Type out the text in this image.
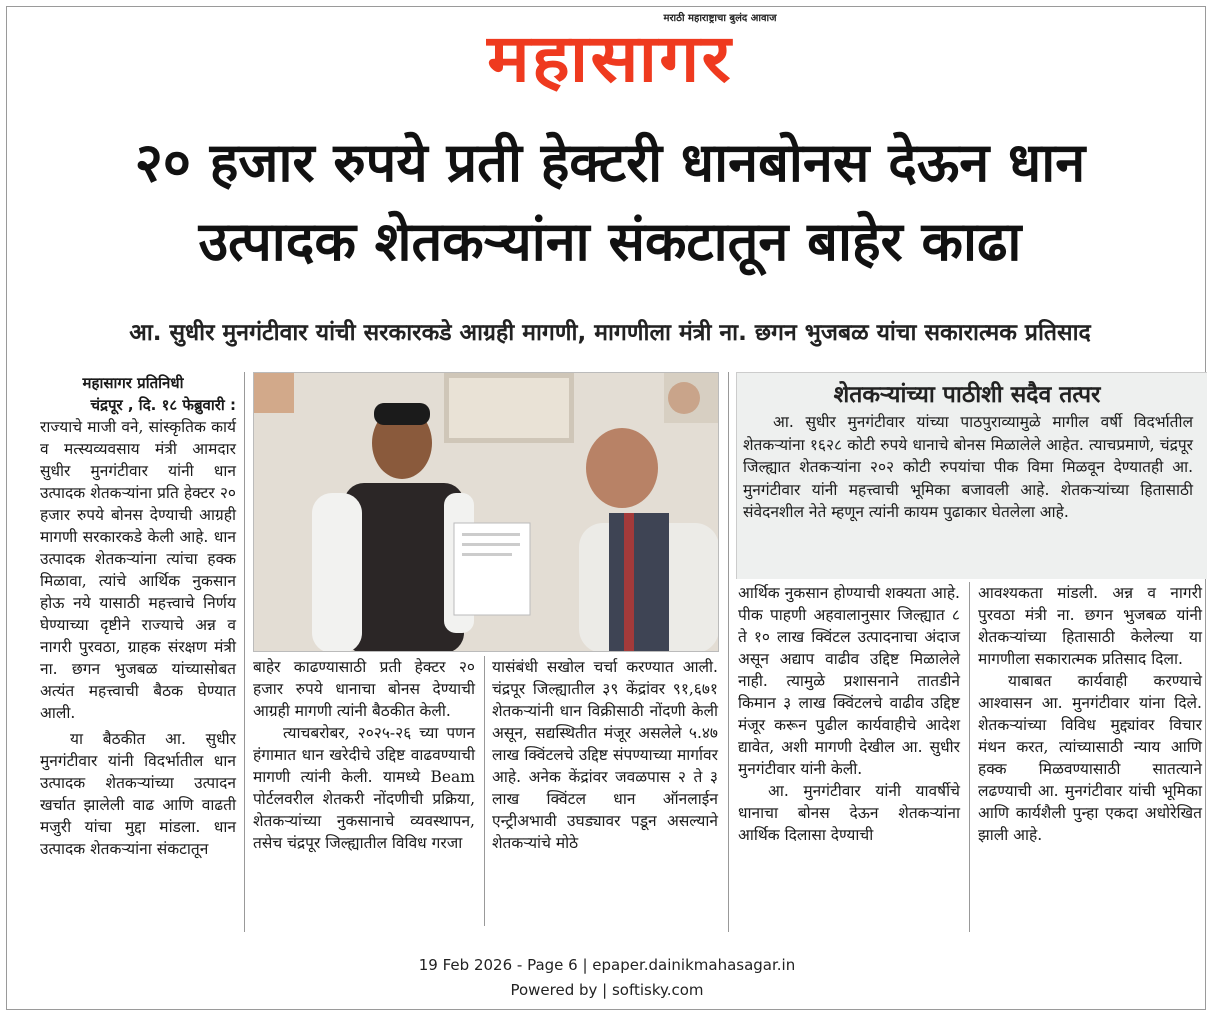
मराठी महाराष्ट्राचा बुलंद आवाज
महासागर
२० हजार रुपये प्रती हेक्टरी धानबोनस देऊन धान
उत्पादक शेतकऱ्यांना संकटातून बाहेर काढा
आ. सुधीर मुनगंटीवार यांची सरकारकडे आग्रही मागणी, मागणीला मंत्री ना. छगन भुजबळ यांचा सकारात्मक प्रतिसाद

महासागर प्रतिनिधी

चंद्रपूर , दि. १८ फेब्रुवारी :

राज्याचे माजी वने, सांस्कृतिक कार्य व मत्स्यव्यवसाय मंत्री आमदार सुधीर मुनगंटीवार यांनी धान उत्पादक शेतकऱ्यांना प्रति हेक्टर २० हजार रुपये बोनस देण्याची आग्रही मागणी सरकारकडे केली आहे. धान उत्पादक शेतकऱ्यांना त्यांचा हक्क मिळावा, त्यांचे आर्थिक नुकसान होऊ नये यासाठी महत्त्वाचे निर्णय घेण्याच्या दृष्टीने राज्याचे अन्न व नागरी पुरवठा, ग्राहक संरक्षण मंत्री ना. छगन भुजबळ यांच्यासोबत अत्यंत महत्त्वाची बैठक घेण्यात आली.

या बैठकीत आ. सुधीर मुनगंटीवार यांनी विदर्भातील धान उत्पादक शेतकऱ्यांच्या उत्पादन खर्चात झालेली वाढ आणि वाढती मजुरी यांचा मुद्दा मांडला. धान उत्पादक शेतकऱ्यांना संकटातून

बाहेर काढण्यासाठी प्रती हेक्टर २० हजार रुपये धानाचा बोनस देण्याची आग्रही मागणी त्यांनी बैठकीत केली.

त्याचबरोबर, २०२५-२६ च्या पणन हंगामात धान खरेदीचे उद्दिष्ट वाढवण्याची मागणी त्यांनी केली. यामध्ये Beam पोर्टलवरील शेतकरी नोंदणीची प्रक्रिया, शेतकऱ्यांच्या नुकसानाचे व्यवस्थापन, तसेच चंद्रपूर जिल्ह्यातील विविध गरजा

यासंबंधी सखोल चर्चा करण्यात आली. चंद्रपूर जिल्ह्यातील ३९ केंद्रांवर ९१,६७१ शेतकऱ्यांनी धान विक्रीसाठी नोंदणी केली असून, सद्यस्थितीत मंजूर असलेले ५.४७ लाख क्विंटलचे उद्दिष्ट संपण्याच्या मार्गावर आहे. अनेक केंद्रांवर जवळपास २ ते ३ लाख क्विंटल धान ऑनलाईन एन्ट्रीअभावी उघड्यावर पडून असल्याने शेतकऱ्यांचे मोठे

शेतकऱ्यांच्या पाठीशी सदैव तत्पर
आ. सुधीर मुनगंटीवार यांच्या पाठपुराव्यामुळे मागील वर्षी विदर्भातील शेतकऱ्यांना १६२८ कोटी रुपये धानाचे बोनस मिळालेले आहेत. त्याचप्रमाणे, चंद्रपूर जिल्ह्यात शेतकऱ्यांना २०२ कोटी रुपयांचा पीक विमा मिळवून देण्यातही आ. मुनगंटीवार यांनी महत्त्वाची भूमिका बजावली आहे. शेतकऱ्यांच्या हितासाठी संवेदनशील नेते म्हणून त्यांनी कायम पुढाकार घेतलेला आहे.

आर्थिक नुकसान होण्याची शक्यता आहे. पीक पाहणी अहवालानुसार जिल्ह्यात ८ ते १० लाख क्विंटल उत्पादनाचा अंदाज असून अद्याप वाढीव उद्दिष्ट मिळालेले नाही. त्यामुळे प्रशासनाने तातडीने किमान ३ लाख क्विंटलचे वाढीव उद्दिष्ट मंजूर करून पुढील कार्यवाहीचे आदेश द्यावेत, अशी मागणी देखील आ. सुधीर मुनगंटीवार यांनी केली.

आ. मुनगंटीवार यांनी यावर्षीचे धानाचा बोनस देऊन शेतकऱ्यांना आर्थिक दिलासा देण्याची

आवश्यकता मांडली. अन्न व नागरी पुरवठा मंत्री ना. छगन भुजबळ यांनी शेतकऱ्यांच्या हितासाठी केलेल्या या मागणीला सकारात्मक प्रतिसाद दिला.

याबाबत कार्यवाही करण्याचे आश्वासन आ. मुनगंटीवार यांना दिले. शेतकऱ्यांच्या विविध मुद्द्यांवर विचार मंथन करत, त्यांच्यासाठी न्याय आणि हक्क मिळवण्यासाठी सातत्याने लढण्याची आ. मुनगंटीवार यांची भूमिका आणि कार्यशैली पुन्हा एकदा अधोरेखित झाली आहे.

19 Feb 2026 - Page 6 | epaper.dainikmahasagar.in
Powered by | softisky.com
